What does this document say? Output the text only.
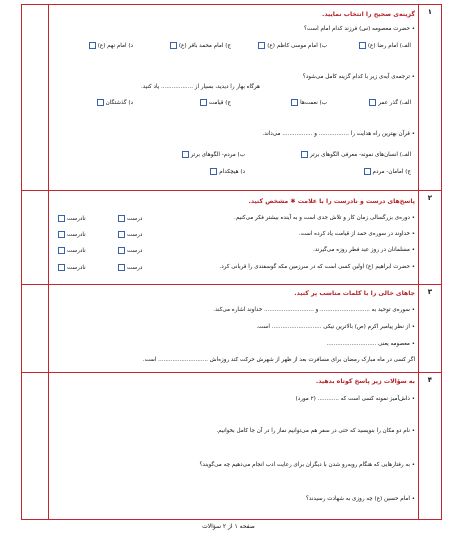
۱
گزینه‌ی صحیح را انتخاب نمایید.
• حضرت معصومه (س) فرزند کدام امام است؟
الف) امام رضا (ع)
ب) امام موسی کاظم (ع)
ج) امام محمد باقر (ع)
د) امام نهم (ع)
• ترجمه‌ی آیه‌ی زیر با کدام گزینه کامل می‌شود؟
هرگاه بهار را دیدید، بسیار از .................. یاد کنید.
الف) گذر عمر
ب) نعمت‌ها
ج) قیامت
د) گذشتگان
• قرآن بهترین راه هدایت را ................. و ................. می‌داند.
الف) انسان‌های نمونه- معرفی الگوهای برتر
ب) مردم- الگوهای برتر
ج) امامان- مردم
د) هیچکدام
۲
پاسخ‌های درست و نادرست را با علامت ✱ مشخص کنید.
• دوره‌ی بزرگسالی زمان کار و تلاش جدی است و به آینده بیشتر فکر می‌کنیم.
درست
نادرست
• خداوند در سوره‌ی حمد از قیامت یاد کرده است.
درست
نادرست
• مسلمانان در روز عید فطر روزه می‌گیرند.
درست
نادرست
• حضرت ابراهیم (ع) اولین کسی است که در سرزمین مکه گوسفندی را قربانی کرد.
درست
نادرست
۳
جاهای خالی را با کلمات مناسب پر کنید.
• سوره‌ی توحید به ............................ و ............................ خداوند اشاره می‌کند.
• از نظر پیامبر اکرم (ص) بالاترین نیکی ............................ است.
• معصومه یعنی ............................
اگر کسی در ماه مبارک رمضان برای مسافرت بعد از ظهر از شهرش حرکت کند روزه‌اش ............................ است.
۴
به سؤالات زیر پاسخ کوتاه بدهید.
• داش‌آمیز نمونه کسی است که ............ (۲ مورد)
• نام دو مکان را بنویسید که حتی در سفر هم می‌توانیم نماز را در آن جا کامل بخوانیم.
• به رفتارهایی که هنگام روبه‌رو شدن با دیگران برای رعایت ادب انجام می‌دهیم چه می‌گویند؟
• امام حسین (ع) چه روزی به شهادت رسیدند؟
صفحه ۱ از ۲ سؤالات
